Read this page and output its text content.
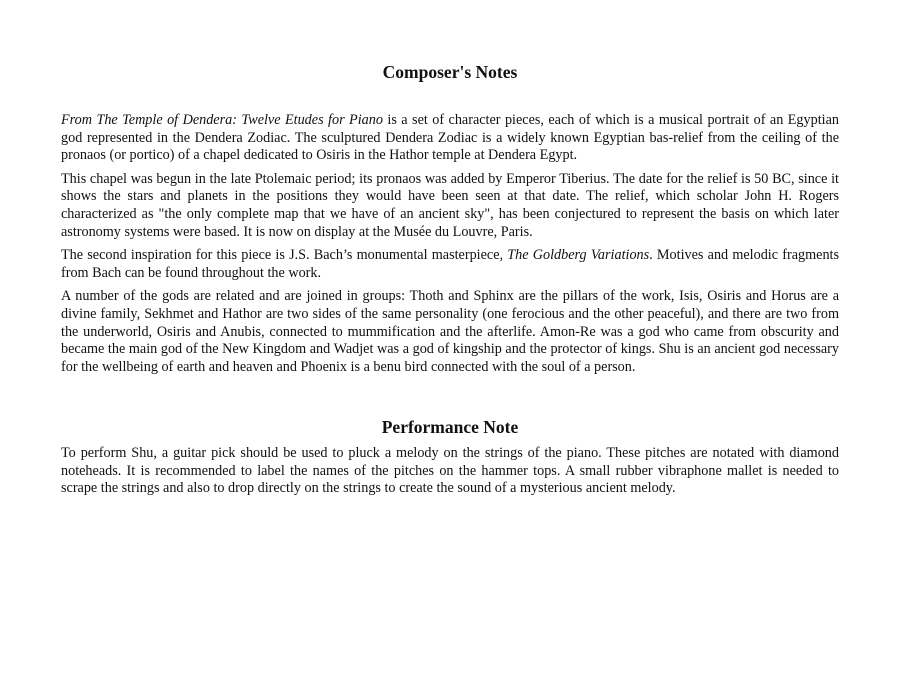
Composer's Notes

From The Temple of Dendera: Twelve Etudes for Piano is a set of character pieces, each of which is a musical portrait of an Egyptian god represented in the Dendera Zodiac. The sculptured Dendera Zodiac is a widely known Egyptian bas-relief from the ceiling of the pronaos (or portico) of a chapel dedicated to Osiris in the Hathor temple at Dendera Egypt.

This chapel was begun in the late Ptolemaic period; its pronaos was added by Emperor Tiberius. The date for the relief is 50 BC, since it shows the stars and planets in the positions they would have been seen at that date. The relief, which scholar John H. Rogers characterized as "the only complete map that we have of an ancient sky", has been conjectured to represent the basis on which later astronomy systems were based. It is now on display at the Musée du Louvre, Paris.

The second inspiration for this piece is J.S. Bach’s monumental masterpiece, The Goldberg Variations. Motives and melodic fragments from Bach can be found throughout the work.

A number of the gods are related and are joined in groups: Thoth and Sphinx are the pillars of the work, Isis, Osiris and Horus are a divine family, Sekhmet and Hathor are two sides of the same personality (one ferocious and the other peaceful), and there are two from the underworld, Osiris and Anubis, connected to mummification and the afterlife. Amon-Re was a god who came from obscurity and became the main god of the New Kingdom and Wadjet was a god of kingship and the protector of kings. Shu is an ancient god necessary for the wellbeing of earth and heaven and Phoenix is a benu bird connected with the soul of a person.

Performance Note

To perform Shu, a guitar pick should be used to pluck a melody on the strings of the piano. These pitches are notated with diamond noteheads. It is recommended to label the names of the pitches on the hammer tops. A small rubber vibraphone mallet is needed to scrape the strings and also to drop directly on the strings to create the sound of a mysterious ancient melody.
